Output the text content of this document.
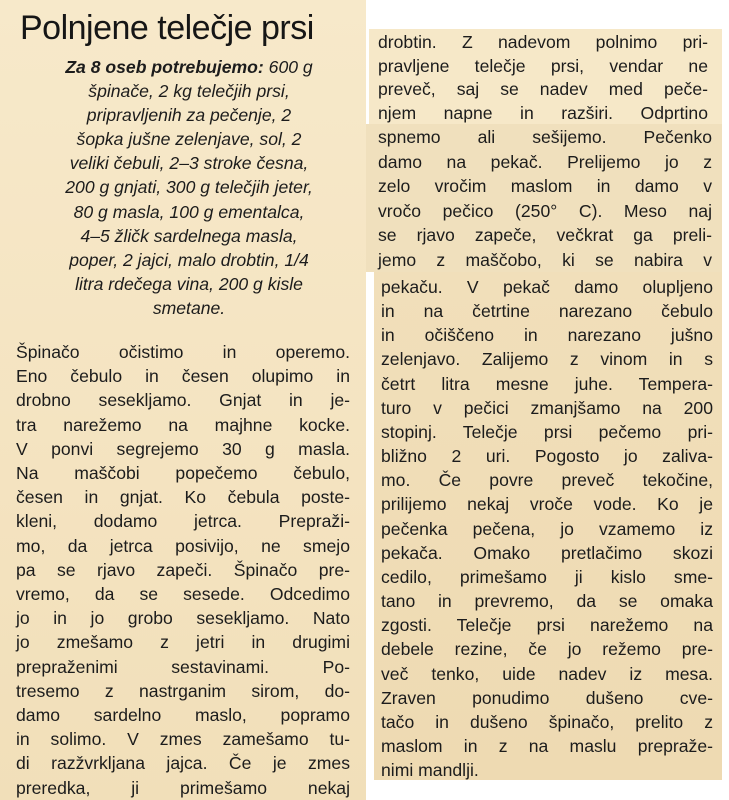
Polnjene telečje prsi

Za 8 oseb potrebujemo: 600 g
špinače, 2 kg telečjih prsi,
pripravljenih za pečenje, 2
šopka jušne zelenjave, sol, 2
veliki čebuli, 2–3 stroke česna,
200 g gnjati, 300 g telečjih jeter,
80 g masla, 100 g ementalca,
4–5 žličk sardelnega masla,
poper, 2 jajci, malo drobtin, 1/4
litra rdečega vina, 200 g kisle
smetane.

Špinačo očistimo in operemo.
Eno čebulo in česen olupimo in
drobno sesekljamo. Gnjat in je-
tra narežemo na majhne kocke.
V ponvi segrejemo 30 g masla.
Na maščobi popečemo čebulo,
česen in gnjat. Ko čebula poste-
kleni, dodamo jetrca. Prepraži-
mo, da jetrca posivijo, ne smejo
pa se rjavo zapeči. Špinačo pre-
vremo, da se sesede. Odcedimo
jo in jo grobo sesekljamo. Nato
jo zmešamo z jetri in drugimi
prepraženimi sestavinami. Po-
tresemo z nastrganim sirom, do-
damo sardelno maslo, popramo
in solimo. V zmes zamešamo tu-
di razžvrkljana jajca. Če je zmes
preredka, ji primešamo nekaj
drobtin. Z nadevom polnimo pri-
pravljene telečje prsi, vendar ne
preveč, saj se nadev med peče-
njem napne in razširi. Odprtino
spnemo ali sešijemo. Pečenko
damo na pekač. Prelijemo jo z
zelo vročim maslom in damo v
vročo pečico (250° C). Meso naj
se rjavo zapeče, večkrat ga preli-
jemo z maščobo, ki se nabira v
pekaču. V pekač damo olupljeno
in na četrtine narezano čebulo
in očiščeno in narezano jušno
zelenjavo. Zalijemo z vinom in s
četrt litra mesne juhe. Tempera-
turo v pečici zmanjšamo na 200
stopinj. Telečje prsi pečemo pri-
bližno 2 uri. Pogosto jo zaliva-
mo. Če povre preveč tekočine,
prilijemo nekaj vroče vode. Ko je
pečenka pečena, jo vzamemo iz
pekača. Omako pretlačimo skozi
cedilo, primešamo ji kislo sme-
tano in prevremo, da se omaka
zgosti. Telečje prsi narežemo na
debele rezine, če jo režemo pre-
več tenko, uide nadev iz mesa.
Zraven ponudimo dušeno cve-
tačo in dušeno špinačo, prelito z
maslom in z na maslu prepraže-
nimi mandlji.
